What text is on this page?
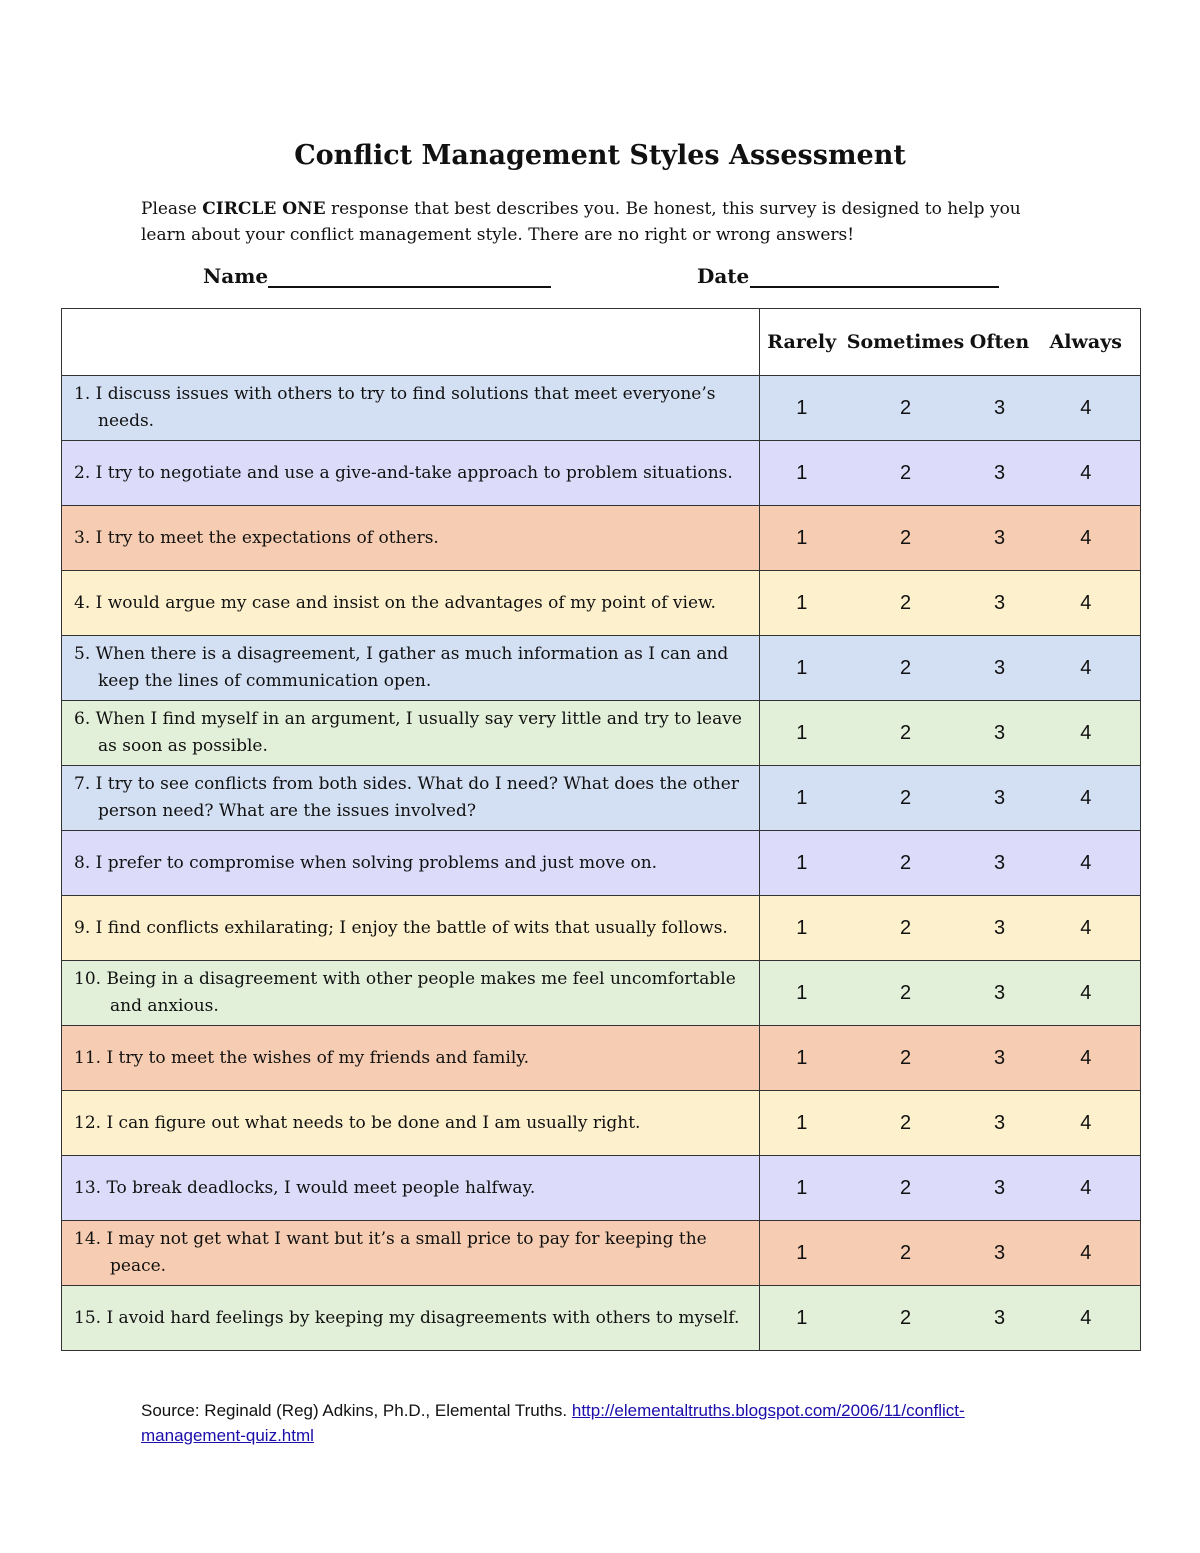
Conflict Management Styles Assessment
Please CIRCLE ONE response that best describes you. Be honest, this survey is designed to help you learn about your conflict management style. There are no right or wrong answers!
Name	Date
	Rarely	Sometimes	Often	Always

1. I discuss issues with others to try to find solutions that meet everyone’s needs.	1	2	3	4

2. I try to negotiate and use a give-and-take approach to problem situations.	1	2	3	4

3. I try to meet the expectations of others.	1	2	3	4

4. I would argue my case and insist on the advantages of my point of view.	1	2	3	4

5. When there is a disagreement, I gather as much information as I can and keep the lines of communication open.	1	2	3	4

6. When I find myself in an argument, I usually say very little and try to leave as soon as possible.	1	2	3	4

7. I try to see conflicts from both sides. What do I need? What does the other person need? What are the issues involved?	1	2	3	4

8. I prefer to compromise when solving problems and just move on.	1	2	3	4

9. I find conflicts exhilarating; I enjoy the battle of wits that usually follows.	1	2	3	4

10. Being in a disagreement with other people makes me feel uncomfortable and anxious.	1	2	3	4

11. I try to meet the wishes of my friends and family.	1	2	3	4

12. I can figure out what needs to be done and I am usually right.	1	2	3	4

13. To break deadlocks, I would meet people halfway.	1	2	3	4

14. I may not get what I want but it’s a small price to pay for keeping the peace.	1	2	3	4

15. I avoid hard feelings by keeping my disagreements with others to myself.	1	2	3	4
Source: Reginald (Reg) Adkins, Ph.D., Elemental Truths. http://elementaltruths.blogspot.com/2006/11/conflict-management-quiz.html
